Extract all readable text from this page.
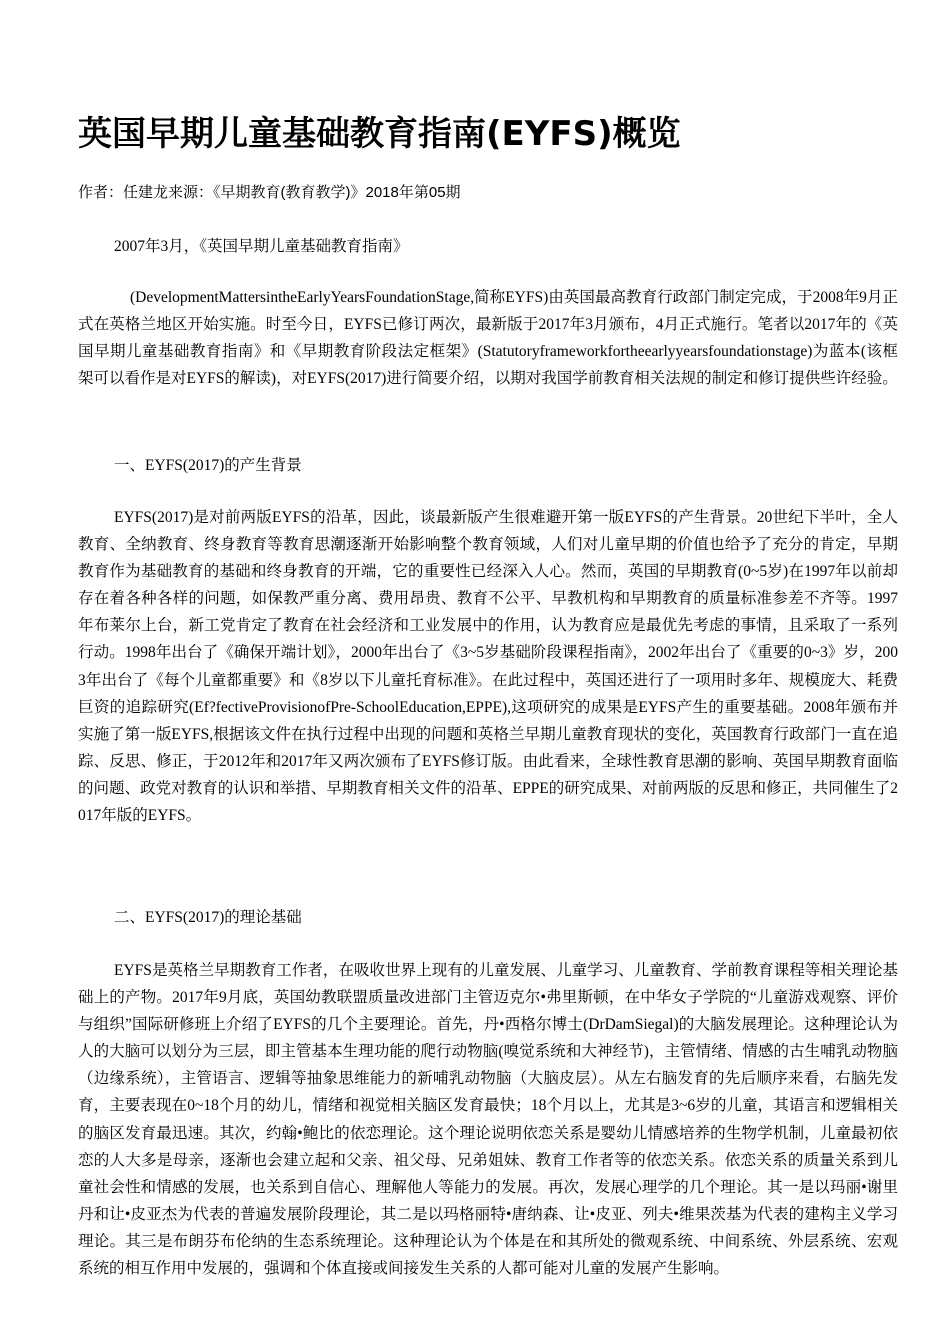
英国早期儿童基础教育指南(EYFS)概览

作者：任建龙来源：《早期教育(教育教学)》2018年第05期

2007年3月，《英国早期儿童基础教育指南》

(DevelopmentMattersintheEarlyYearsFoundationStage,简称EYFS)由英国最高教育行政部门制定完成，于2008年9月正式在英格兰地区开始实施。时至今日，EYFS已修订两次，最新版于2017年3月颁布，4月正式施行。笔者以2017年的《英国早期儿童基础教育指南》和《早期教育阶段法定框架》(Statutoryframeworkfortheearlyyearsfoundationstage)为蓝本(该框架可以看作是对EYFS的解读)，对EYFS(2017)进行简要介绍，以期对我国学前教育相关法规的制定和修订提供些许经验。

一、EYFS(2017)的产生背景

EYFS(2017)是对前两版EYFS的沿革，因此，谈最新版产生很难避开第一版EYFS的产生背景。20世纪下半叶，全人教育、全纳教育、终身教育等教育思潮逐渐开始影响整个教育领域，人们对儿童早期的价值也给予了充分的肯定，早期教育作为基础教育的基础和终身教育的开端，它的重要性已经深入人心。然而，英国的早期教育(0~5岁)在1997年以前却存在着各种各样的问题，如保教严重分离、费用昂贵、教育不公平、早教机构和早期教育的质量标准参差不齐等。1997年布莱尔上台，新工党肯定了教育在社会经济和工业发展中的作用，认为教育应是最优先考虑的事情，且采取了一系列行动。1998年出台了《确保开端计划》，2000年出台了《3~5岁基础阶段课程指南》，2002年出台了《重要的0~3》岁，2003年出台了《每个儿童都重要》和《8岁以下儿童托育标准》。在此过程中，英国还进行了一项用时多年、规模庞大、耗费巨资的追踪研究(Ef?fectiveProvisionofPre-SchoolEducation,EPPE),这项研究的成果是EYFS产生的重要基础。2008年颁布并实施了第一版EYFS,根据该文件在执行过程中出现的问题和英格兰早期儿童教育现状的变化，英国教育行政部门一直在追踪、反思、修正，于2012年和2017年又两次颁布了EYFS修订版。由此看来，全球性教育思潮的影响、英国早期教育面临的问题、政党对教育的认识和举措、早期教育相关文件的沿革、EPPE的研究成果、对前两版的反思和修正，共同催生了2017年版的EYFS。

二、EYFS(2017)的理论基础

EYFS是英格兰早期教育工作者，在吸收世界上现有的儿童发展、儿童学习、儿童教育、学前教育课程等相关理论基础上的产物。2017年9月底，英国幼教联盟质量改进部门主管迈克尔•弗里斯顿，在中华女子学院的“儿童游戏观察、评价与组织”国际研修班上介绍了EYFS的几个主要理论。首先，丹•西格尔博士(DrDamSiegal)的大脑发展理论。这种理论认为人的大脑可以划分为三层，即主管基本生理功能的爬行动物脑(嗅觉系统和大神经节)，主管情绪、情感的古生哺乳动物脑（边缘系统），主管语言、逻辑等抽象思维能力的新哺乳动物脑（大脑皮层）。从左右脑发育的先后顺序来看，右脑先发育，主要表现在0~18个月的幼儿，情绪和视觉相关脑区发育最快；18个月以上，尤其是3~6岁的儿童，其语言和逻辑相关的脑区发育最迅速。其次，约翰•鲍比的依恋理论。这个理论说明依恋关系是婴幼儿情感培养的生物学机制，儿童最初依恋的人大多是母亲，逐渐也会建立起和父亲、祖父母、兄弟姐妹、教育工作者等的依恋关系。依恋关系的质量关系到儿童社会性和情感的发展，也关系到自信心、理解他人等能力的发展。再次，发展心理学的几个理论。其一是以玛丽•谢里丹和让•皮亚杰为代表的普遍发展阶段理论，其二是以玛格丽特•唐纳森、让•皮亚、列夫•维果茨基为代表的建构主义学习理论。其三是布朗芬布伦纳的生态系统理论。这种理论认为个体是在和其所处的微观系统、中间系统、外层系统、宏观系统的相互作用中发展的，强调和个体直接或间接发生关系的人都可能对儿童的发展产生影响。
